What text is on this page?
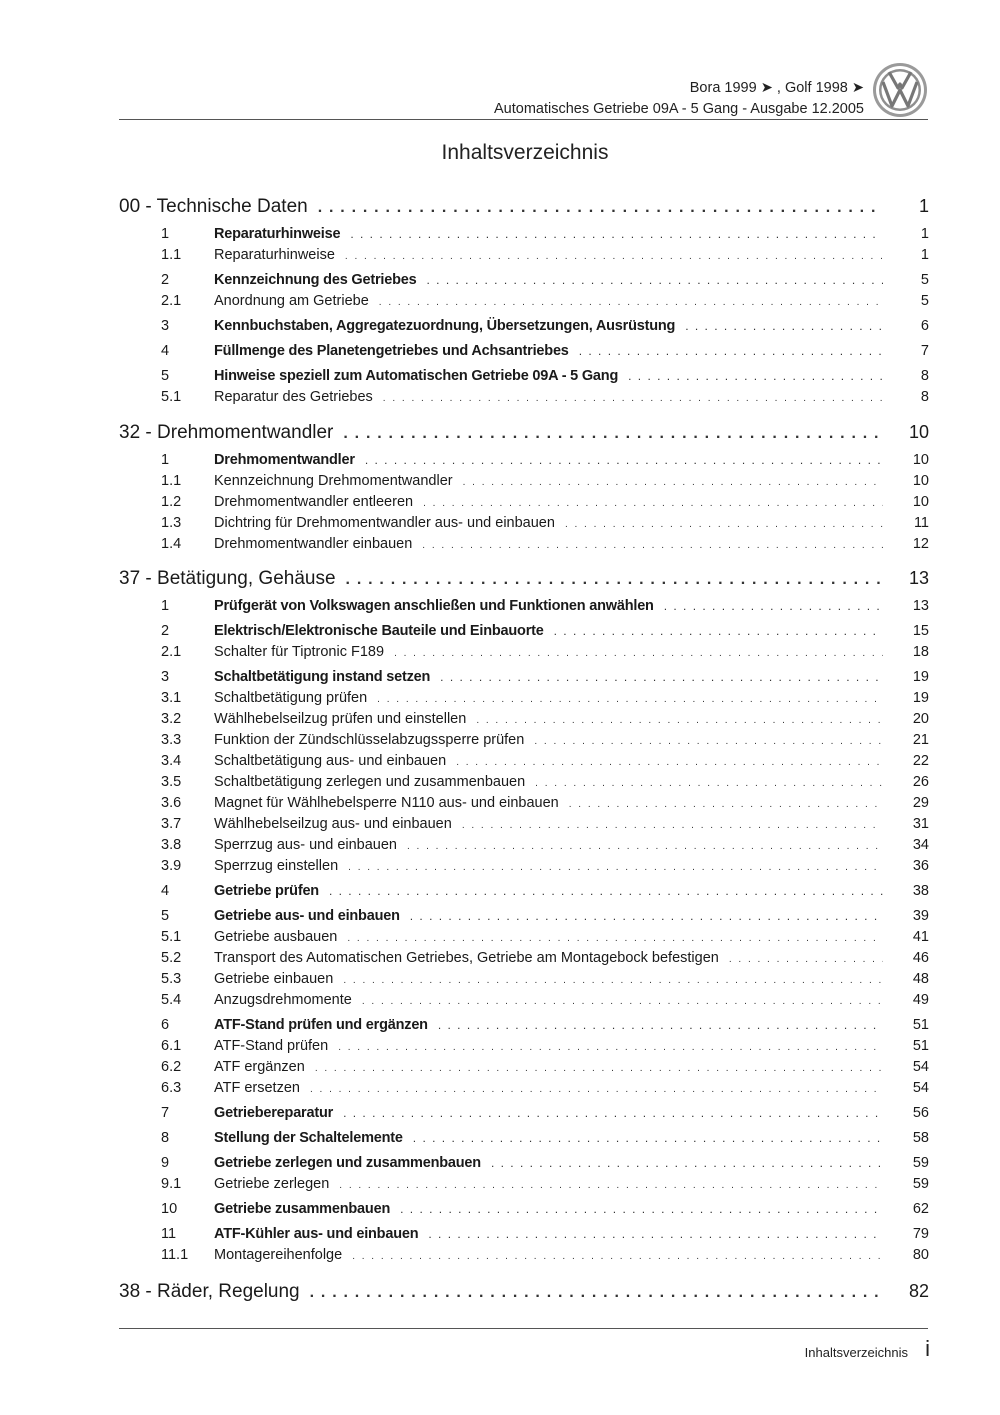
Bora 1999 ➤ , Golf 1998 ➤
Automatisches Getriebe 09A - 5 Gang - Ausgabe 12.2005
Inhaltsverzeichnis
00 - Technische Daten . . .	1
1	Reparaturhinweise . . .	1
1.1	Reparaturhinweise . . .	1
2	Kennzeichnung des Getriebes . . .	5
2.1	Anordnung am Getriebe . . .	5
3	Kennbuchstaben, Aggregatezuordnung, Übersetzungen, Ausrüstung . . .	6
4	Füllmenge des Planetengetriebes und Achsantriebes . . .	7
5	Hinweise speziell zum Automatischen Getriebe 09A - 5 Gang . . .	8
5.1	Reparatur des Getriebes . . .	8
32 - Drehmomentwandler . . .	10
1	Drehmomentwandler . . .	10
1.1	Kennzeichnung Drehmomentwandler . . .	10
1.2	Drehmomentwandler entleeren . . .	10
1.3	Dichtring für Drehmomentwandler aus- und einbauen . . .	11
1.4	Drehmomentwandler einbauen . . .	12
37 - Betätigung, Gehäuse . . .	13
1	Prüfgerät von Volkswagen anschließen und Funktionen anwählen . . .	13
2	Elektrisch/Elektronische Bauteile und Einbauorte . . .	15
2.1	Schalter für Tiptronic F189 . . .	18
3	Schaltbetätigung instand setzen . . .	19
3.1	Schaltbetätigung prüfen . . .	19
3.2	Wählhebelseilzug prüfen und einstellen . . .	20
3.3	Funktion der Zündschlüsselabzugssperre prüfen . . .	21
3.4	Schaltbetätigung aus- und einbauen . . .	22
3.5	Schaltbetätigung zerlegen und zusammenbauen . . .	26
3.6	Magnet für Wählhebelsperre N110 aus- und einbauen . . .	29
3.7	Wählhebelseilzug aus- und einbauen . . .	31
3.8	Sperrzug aus- und einbauen . . .	34
3.9	Sperrzug einstellen . . .	36
4	Getriebe prüfen . . .	38
5	Getriebe aus- und einbauen . . .	39
5.1	Getriebe ausbauen . . .	41
5.2	Transport des Automatischen Getriebes, Getriebe am Montagebock befestigen . . .	46
5.3	Getriebe einbauen . . .	48
5.4	Anzugsdrehmomente . . .	49
6	ATF-Stand prüfen und ergänzen . . .	51
6.1	ATF-Stand prüfen . . .	51
6.2	ATF ergänzen . . .	54
6.3	ATF ersetzen . . .	54
7	Getriebereparatur . . .	56
8	Stellung der Schaltelemente . . .	58
9	Getriebe zerlegen und zusammenbauen . . .	59
9.1	Getriebe zerlegen . . .	59
10	Getriebe zusammenbauen . . .	62
11	ATF-Kühler aus- und einbauen . . .	79
11.1	Montagereihenfolge . . .	80
38 - Räder, Regelung . . .	82
Inhaltsverzeichnis i
